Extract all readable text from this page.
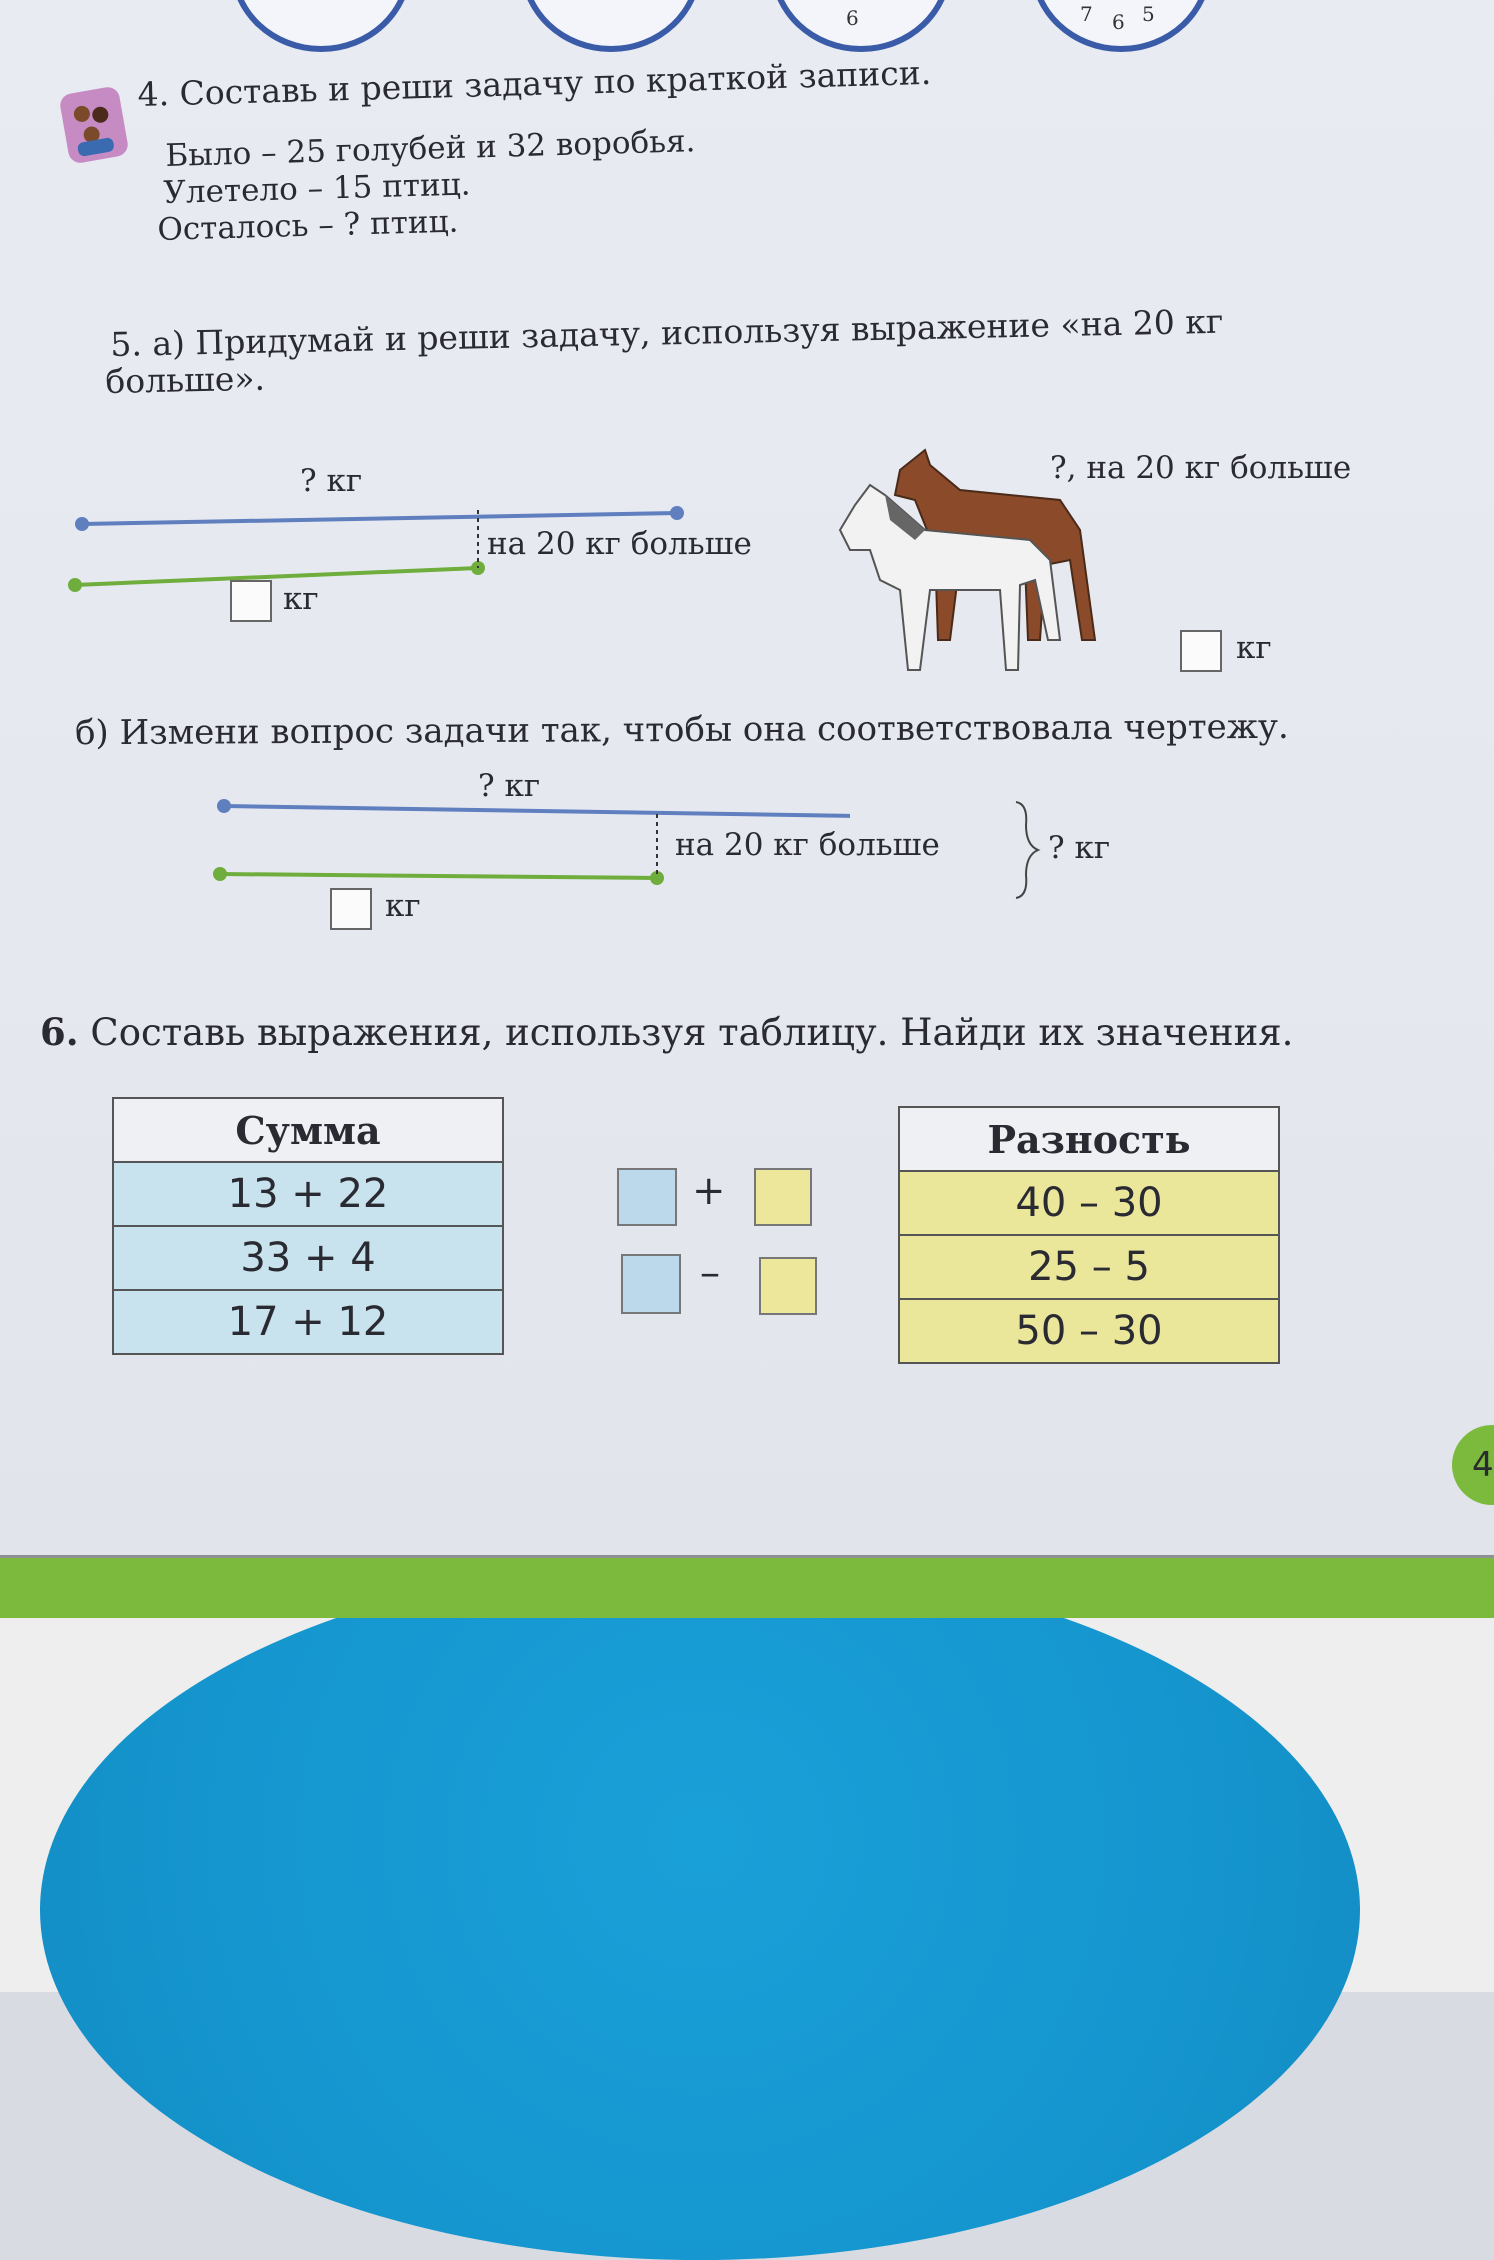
6	7 6 5
4. Составь и реши задачу по краткой записи.
Было – 25 голубей и 32 воробья.
Улетело – 15 птиц.
Осталось – ? птиц.
5. а) Придумай и реши задачу, используя выражение «на 20 кг
больше».
? кг
на 20 кг больше
кг
?, на 20 кг больше
кг
б) Измени вопрос задачи так, чтобы она соответствовала чертежу.
? кг
на 20 кг больше	? кг
кг
6. Составь выражения, используя таблицу. Найди их значения.
Сумма
13 + 22
33 + 4
17 + 12
+
–
Разность
40 – 30
25 – 5
50 – 30
4
